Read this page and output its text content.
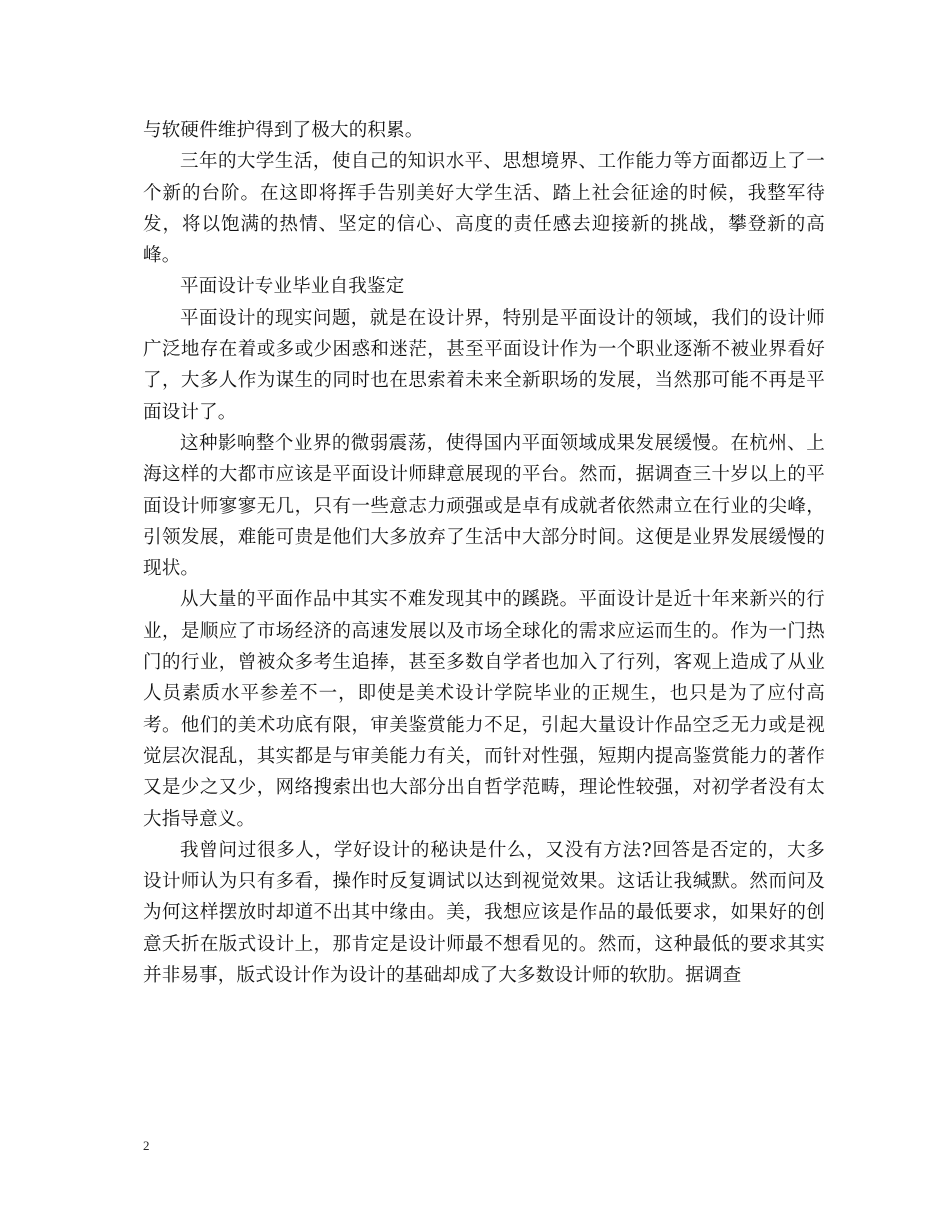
与软硬件维护得到了极大的积累。

三年的大学生活，使自己的知识水平、思想境界、工作能力等方面都迈上了一个新的台阶。在这即将挥手告别美好大学生活、踏上社会征途的时候，我整军待发，将以饱满的热情、坚定的信心、高度的责任感去迎接新的挑战，攀登新的高峰。

平面设计专业毕业自我鉴定

平面设计的现实问题，就是在设计界，特别是平面设计的领域，我们的设计师广泛地存在着或多或少困惑和迷茫，甚至平面设计作为一个职业逐渐不被业界看好了，大多人作为谋生的同时也在思索着未来全新职场的发展，当然那可能不再是平面设计了。

这种影响整个业界的微弱震荡，使得国内平面领域成果发展缓慢。在杭州、上海这样的大都市应该是平面设计师肆意展现的平台。然而，据调查三十岁以上的平面设计师寥寥无几，只有一些意志力顽强或是卓有成就者依然肃立在行业的尖峰，引领发展，难能可贵是他们大多放弃了生活中大部分时间。这便是业界发展缓慢的现状。

从大量的平面作品中其实不难发现其中的蹊跷。平面设计是近十年来新兴的行业，是顺应了市场经济的高速发展以及市场全球化的需求应运而生的。作为一门热门的行业，曾被众多考生追捧，甚至多数自学者也加入了行列，客观上造成了从业人员素质水平参差不一，即使是美术设计学院毕业的正规生，也只是为了应付高考。他们的美术功底有限，审美鉴赏能力不足，引起大量设计作品空乏无力或是视觉层次混乱，其实都是与审美能力有关，而针对性强，短期内提高鉴赏能力的著作又是少之又少，网络搜索出也大部分出自哲学范畴，理论性较强，对初学者没有太大指导意义。

我曾问过很多人，学好设计的秘诀是什么，又没有方法?回答是否定的，大多设计师认为只有多看，操作时反复调试以达到视觉效果。这话让我缄默。然而问及为何这样摆放时却道不出其中缘由。美，我想应该是作品的最低要求，如果好的创意夭折在版式设计上，那肯定是设计师最不想看见的。然而，这种最低的要求其实并非易事，版式设计作为设计的基础却成了大多数设计师的软肋。据调查

2
